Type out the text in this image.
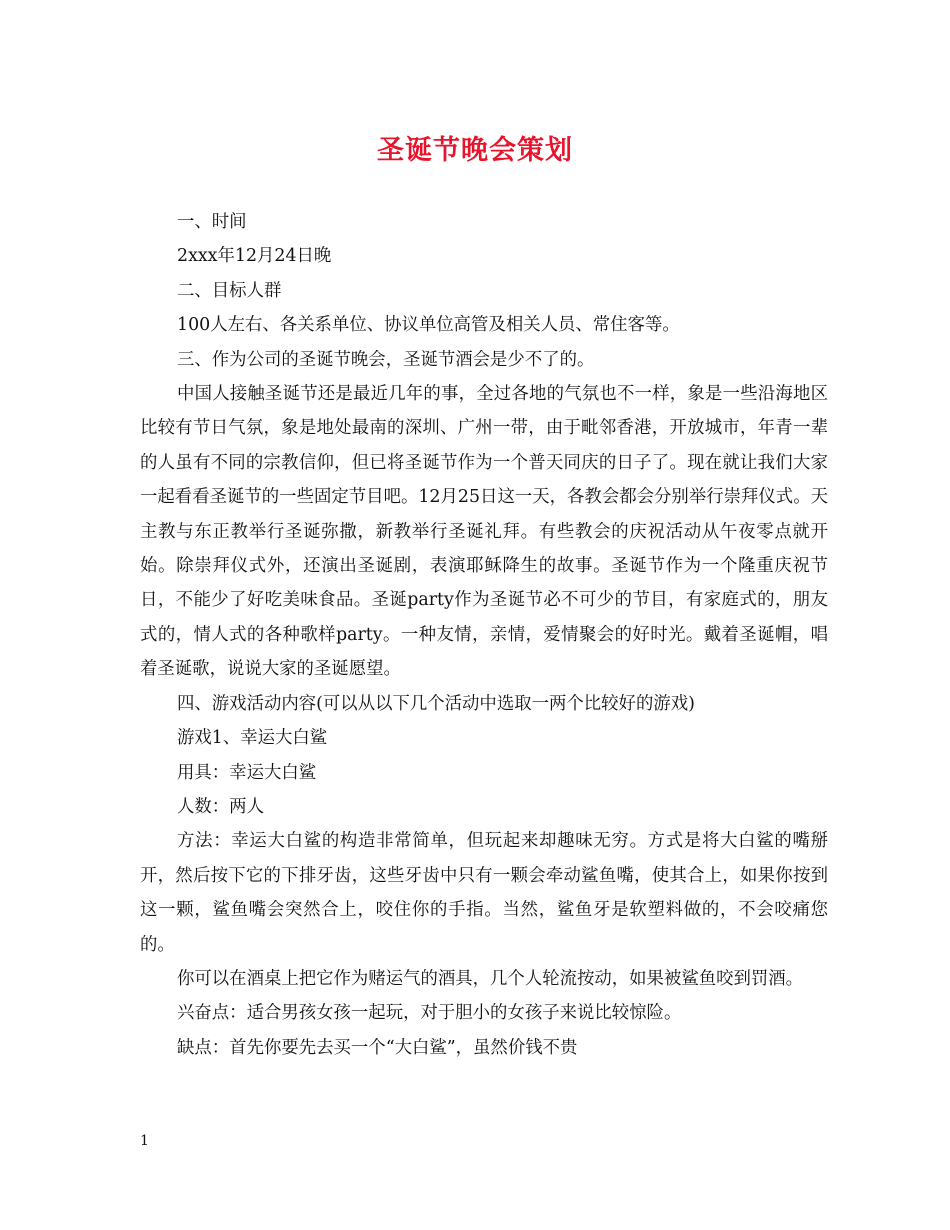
圣诞节晚会策划

一、时间

2xxx年12月24日晚

二、目标人群

100人左右、各关系单位、协议单位高管及相关人员、常住客等。

三、作为公司的圣诞节晚会，圣诞节酒会是少不了的。

中国人接触圣诞节还是最近几年的事，全过各地的气氛也不一样，象是一些沿海地区比较有节日气氛，象是地处最南的深圳、广州一带，由于毗邻香港，开放城市，年青一辈的人虽有不同的宗教信仰，但已将圣诞节作为一个普天同庆的日子了。现在就让我们大家一起看看圣诞节的一些固定节目吧。12月25日这一天，各教会都会分别举行崇拜仪式。天主教与东正教举行圣诞弥撒，新教举行圣诞礼拜。有些教会的庆祝活动从午夜零点就开始。除崇拜仪式外，还演出圣诞剧，表演耶稣降生的故事。圣诞节作为一个隆重庆祝节日，不能少了好吃美味食品。圣诞party作为圣诞节必不可少的节目，有家庭式的，朋友式的，情人式的各种歌样party。一种友情，亲情，爱情聚会的好时光。戴着圣诞帽，唱着圣诞歌，说说大家的圣诞愿望。

四、游戏活动内容(可以从以下几个活动中选取一两个比较好的游戏)

游戏1、幸运大白鲨

用具：幸运大白鲨

人数：两人

方法：幸运大白鲨的构造非常简单，但玩起来却趣味无穷。方式是将大白鲨的嘴掰开，然后按下它的下排牙齿，这些牙齿中只有一颗会牵动鲨鱼嘴，使其合上，如果你按到这一颗，鲨鱼嘴会突然合上，咬住你的手指。当然，鲨鱼牙是软塑料做的，不会咬痛您的。

你可以在酒桌上把它作为赌运气的酒具，几个人轮流按动，如果被鲨鱼咬到罚酒。

兴奋点：适合男孩女孩一起玩，对于胆小的女孩子来说比较惊险。

缺点：首先你要先去买一个“大白鲨”，虽然价钱不贵

1
